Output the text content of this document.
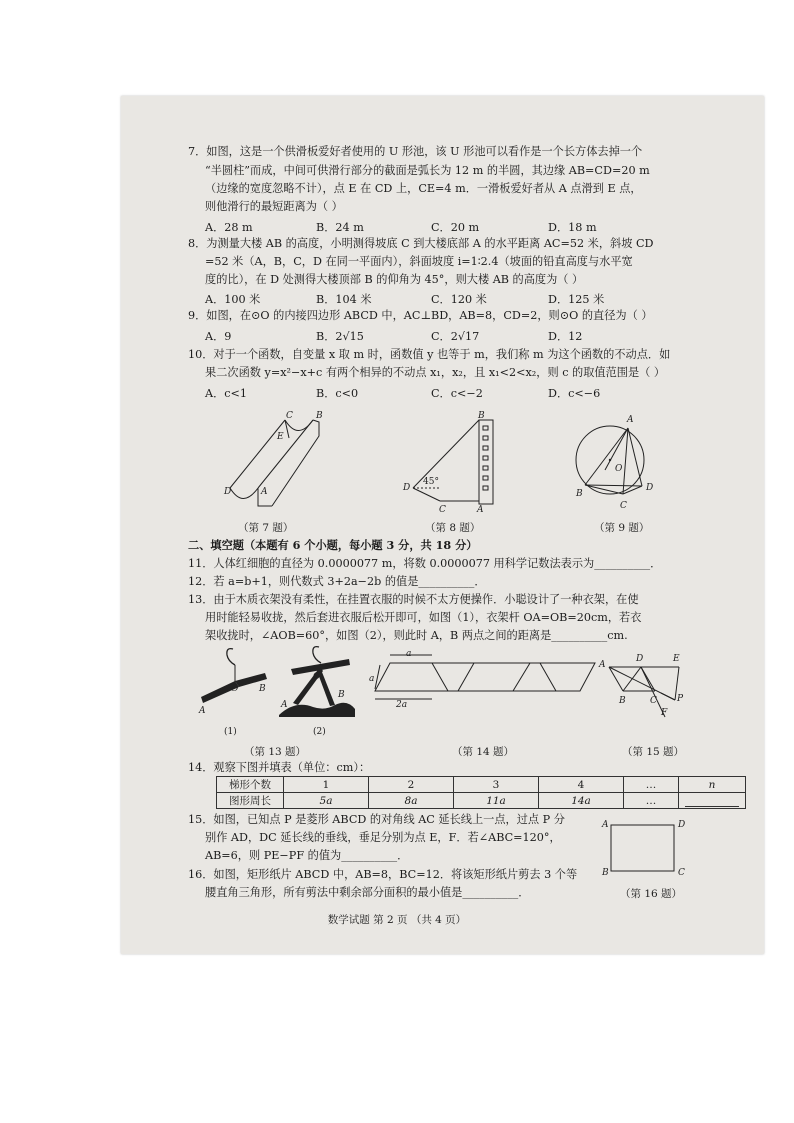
7．如图，这是一个供滑板爱好者使用的 U 形池，该 U 形池可以看作是一个长方体去掉一个
“半圆柱”而成，中间可供滑行部分的截面是弧长为 12 m 的半圆，其边缘 AB=CD=20 m
（边缘的宽度忽略不计），点 E 在 CD 上，CE=4 m．一滑板爱好者从 A 点滑到 E 点，
则他滑行的最短距离为（ ）
A．28 m	B．24 m	C．20 m	D．18 m
8．为测量大楼 AB 的高度，小明测得坡底 C 到大楼底部 A 的水平距离 AC=52 米，斜坡 CD
=52 米（A，B，C，D 在同一平面内），斜面坡度 i=1∶2.4（坡面的铅直高度与水平宽
度的比），在 D 处测得大楼顶部 B 的仰角为 45°，则大楼 AB 的高度为（ ）
A．100 米	B．104 米	C．120 米	D．125 米
9．如图，在⊙O 的内接四边形 ABCD 中，AC⊥BD，AB=8，CD=2，则⊙O 的直径为（ ）
A．9	B．2√15	C．2√17	D．12
10．对于一个函数，自变量 x 取 m 时，函数值 y 也等于 m，我们称 m 为这个函数的不动点．如
果二次函数 y=x²−x+c 有两个相异的不动点 x₁，x₂，且 x₁<2<x₂，则 c 的取值范围是（ ）
A．c<1	B．c<0	C．c<−2	D．c<−6
D	A
C
E
B
D
45°
C	A
B	A
O
B
D
C
（第 7 题）	（第 8 题）	（第 9 题）
二、填空题（本题有 6 个小题，每小题 3 分，共 18 分）
11．人体红细胞的直径为 0.0000077 m，将数 0.0000077 用科学记数法表示为__________．
12．若 a=b+1，则代数式 3+2a−2b 的值是__________．
13．由于木质衣架没有柔性，在挂置衣服的时候不太方便操作．小聪设计了一种衣架，在使
用时能轻易收拢，然后套进衣服后松开即可，如图（1），衣架杆 OA=OB=20cm，若衣
架收拢时，∠AOB=60°，如图（2），则此时 A，B 两点之间的距离是__________cm.
O
A
B
O
A
B
a
a
2a
A
D	E
P
B	C
F
(1)	(2)
（第 13 题）	（第 14 题）	（第 15 题）
14．观察下图并填表（单位：cm）：
梯形个数	1	2	3	4	…	n
图形周长	5a	8a	11a	14a	…	
15．如图，已知点 P 是菱形 ABCD 的对角线 AC 延长线上一点，过点 P 分
别作 AD，DC 延长线的垂线，垂足分别为点 E，F．若∠ABC=120°，
AB=6，则 PE−PF 的值为__________．
16．如图，矩形纸片 ABCD 中，AB=8，BC=12．将该矩形纸片剪去 3 个等
腰直角三角形，所有剪法中剩余部分面积的最小值是__________．
A	D
B	C
（第 16 题）
数学试题 第 2 页 （共 4 页）
